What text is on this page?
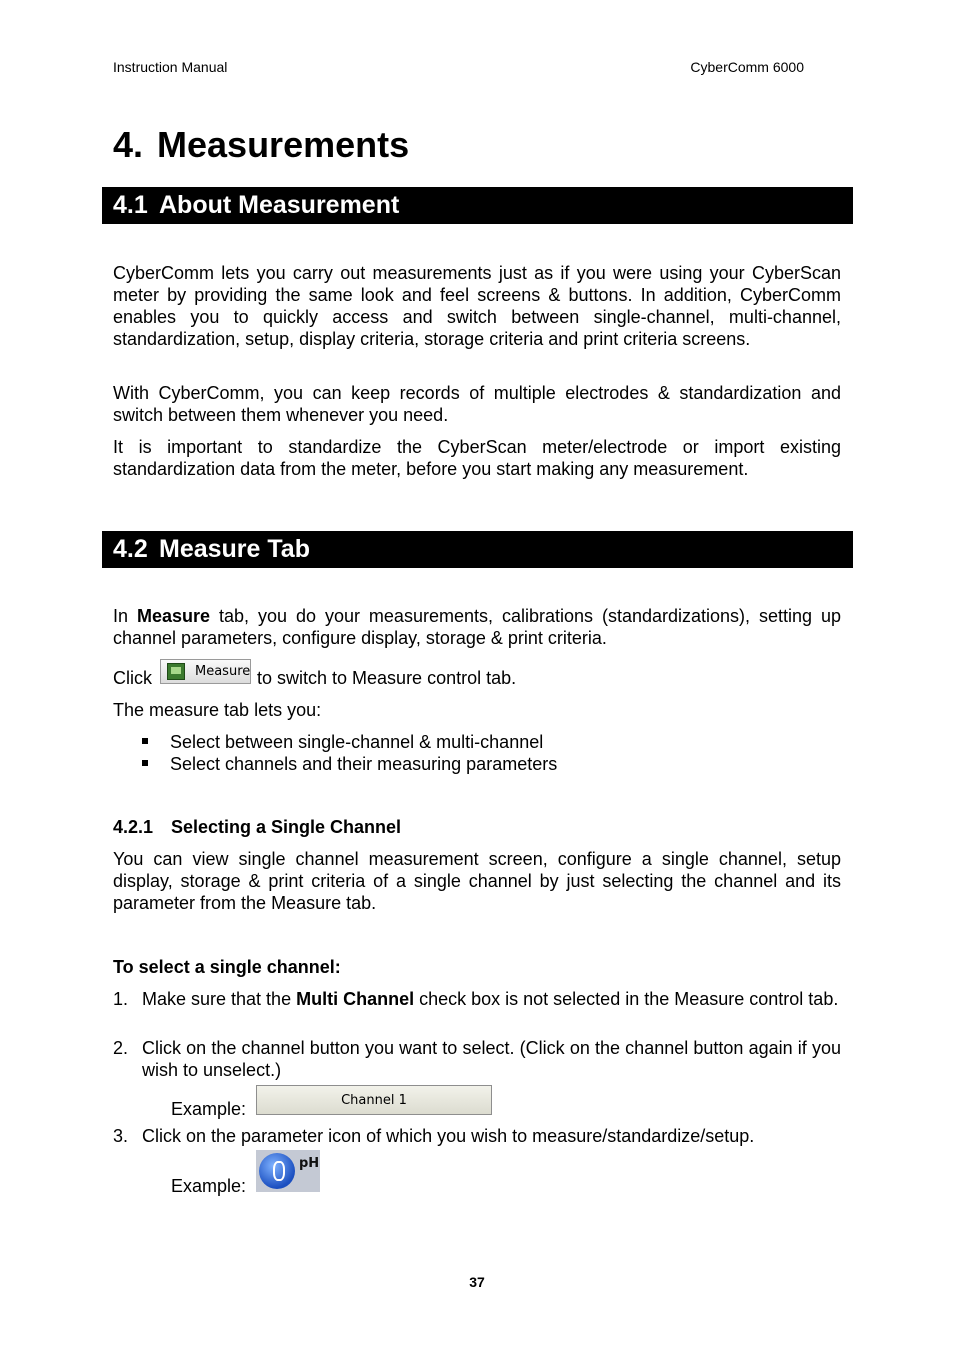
Instruction Manual	CyberComm 6000
4. Measurements
4.1 About Measurement

CyberComm lets you carry out measurements just as if you were using your CyberScan meter by providing the same look and feel screens & buttons. In addition, CyberComm enables you to quickly access and switch between single-channel, multi-channel, standardization, setup, display criteria, storage criteria and print criteria screens.

With CyberComm, you can keep records of multiple electrodes & standardization and switch between them whenever you need.

It is important to standardize the CyberScan meter/electrode or import existing standardization data from the meter, before you start making any measurement.

4.2 Measure Tab

In Measure tab, you do your measurements, calibrations (standardizations), setting up channel parameters, configure display, storage & print criteria.

Click	Measure to switch to Measure control tab.

The measure tab lets you:

Select between single-channel & multi-channel
Select channels and their measuring parameters
4.2.1 Selecting a Single Channel

You can view single channel measurement screen, configure a single channel, setup display, storage & print criteria of a single channel by just selecting the channel and its parameter from the Measure tab.

To select a single channel:

1. Make sure that the Multi Channel check box is not selected in the Measure control tab.

2. Click on the channel button you want to select. (Click on the channel button again if you wish to unselect.)

Example:	Channel 1
3. Click on the parameter icon of which you wish to measure/standardize/setup.

Example:
pH
37
